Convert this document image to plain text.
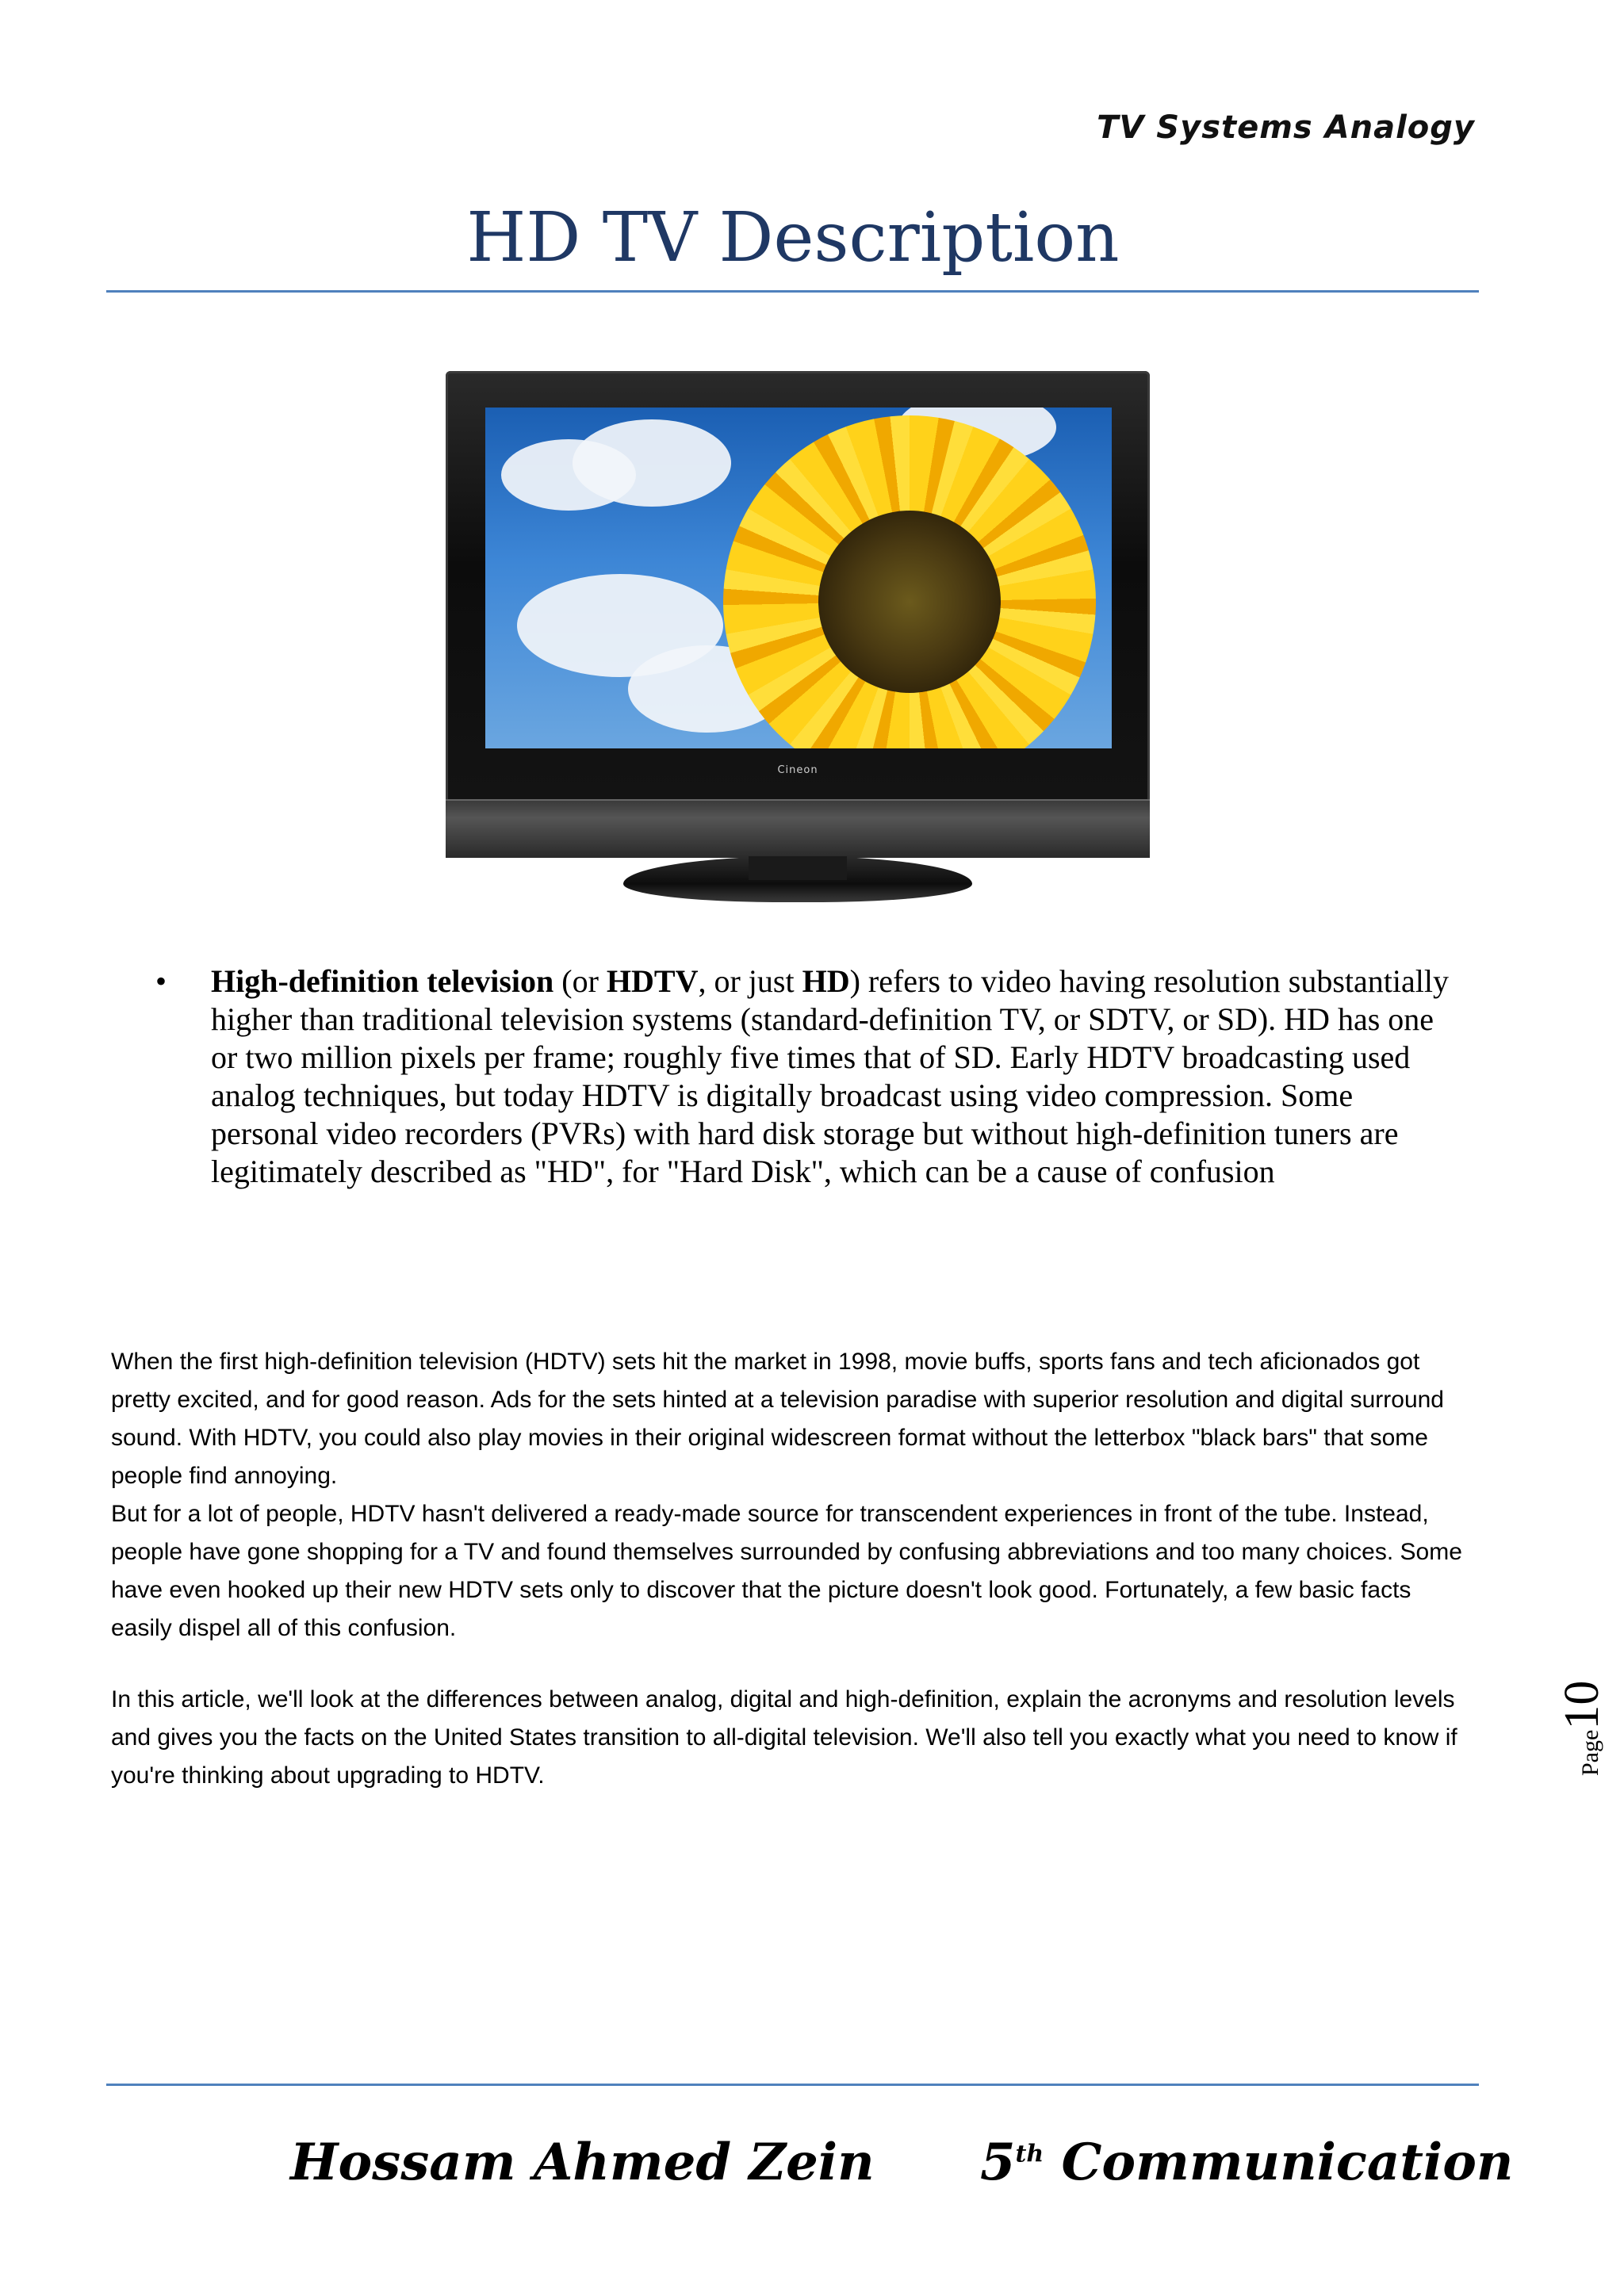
TV Systems Analogy
HD TV Description
Cineon
• High-definition television (or HDTV, or just HD) refers to video having resolution substantially higher than traditional television systems (standard-definition TV, or SDTV, or SD). HD has one or two million pixels per frame; roughly five times that of SD. Early HDTV broadcasting used analog techniques, but today HDTV is digitally broadcast using video compression. Some personal video recorders (PVRs) with hard disk storage but without high-definition tuners are legitimately described as "HD", for "Hard Disk", which can be a cause of confusion

When the first high-definition television (HDTV) sets hit the market in 1998, movie buffs, sports fans and tech aficionados got pretty excited, and for good reason. Ads for the sets hinted at a television paradise with superior resolution and digital surround sound. With HDTV, you could also play movies in their original widescreen format without the letterbox "black bars" that some people find annoying.

But for a lot of people, HDTV hasn't delivered a ready-made source for transcendent experiences in front of the tube. Instead, people have gone shopping for a TV and found themselves surrounded by confusing abbreviations and too many choices. Some have even hooked up their new HDTV sets only to discover that the picture doesn't look good. Fortunately, a few basic facts easily dispel all of this confusion.

In this article, we'll look at the differences between analog, digital and high-definition, explain the acronyms and resolution levels and gives you the facts on the United States transition to all-digital television. We'll also tell you exactly what you need to know if you're thinking about upgrading to HDTV.	Page10
Hossam Ahmed Zein 5th Communication
